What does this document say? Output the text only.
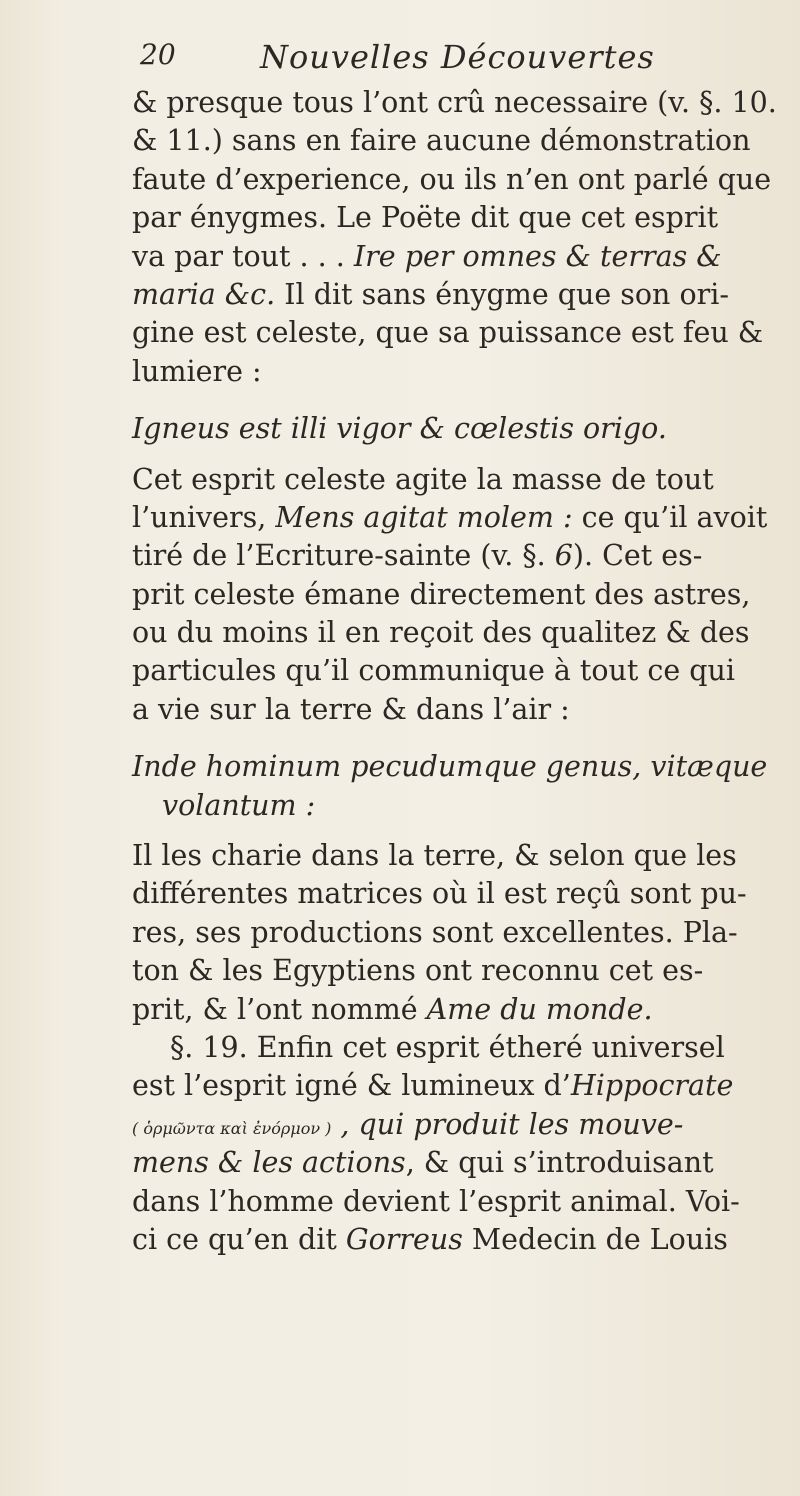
20	Nouvelles Découvertes
& presque tous l’ont crû necessaire (v. §. 10.
& 11.) sans en faire aucune démonstration
faute d’experience, ou ils n’en ont parlé que
par énygmes. Le Poëte dit que cet esprit
va par tout . . . Ire per omnes & terras &
maria &c. Il dit sans énygme que son ori-
gine est celeste, que sa puissance est feu &
lumiere :
Igneus est illi vigor & cœlestis origo.
Cet esprit celeste agite la masse de tout
l’univers, Mens agitat molem : ce qu’il avoit
tiré de l’Ecriture-sainte (v. §. 6). Cet es-
prit celeste émane directement des astres,
ou du moins il en reçoit des qualitez & des
particules qu’il communique à tout ce qui
a vie sur la terre & dans l’air :
Inde hominum pecudumque genus, vitæque
volantum :
Il les charie dans la terre, & selon que les
différentes matrices où il est reçû sont pu-
res, ses productions sont excellentes. Pla-
ton & les Egyptiens ont reconnu cet es-
prit, & l’ont nommé Ame du monde.
§. 19. Enfin cet esprit étheré universel
est l’esprit igné & lumineux d’Hippocrate
( ὁρμῶντα καὶ ἐνόρμον ) , qui produit les mouve-
mens & les actions, & qui s’introduisant
dans l’homme devient l’esprit animal. Voi-
ci ce qu’en dit Gorreus Medecin de Louis
